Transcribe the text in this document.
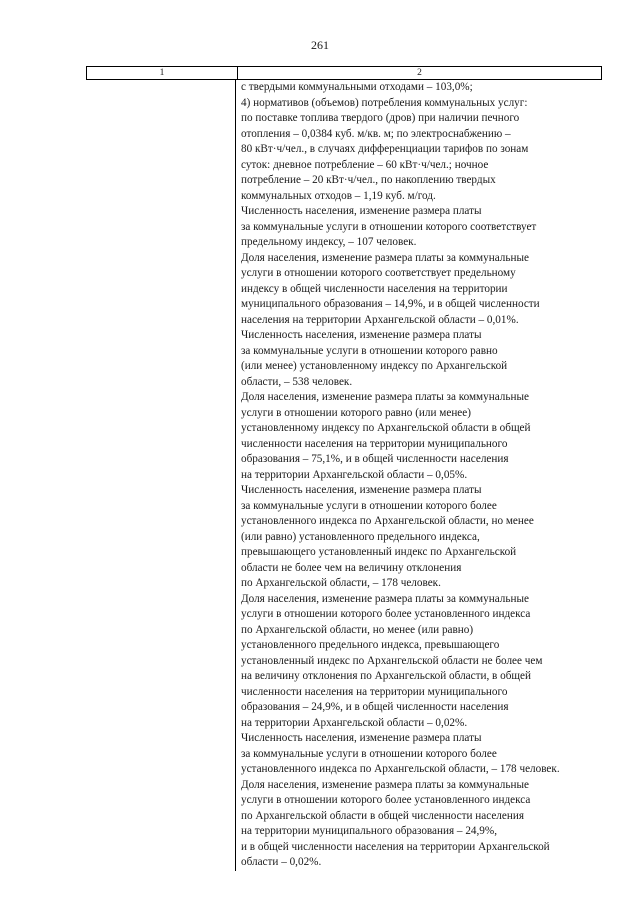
261
1	2
с твердыми коммунальными отходами – 103,0%;
4) нормативов (объемов) потребления коммунальных услуг:
по поставке топлива твердого (дров) при наличии печного
отопления – 0,0384 куб. м/кв. м; по электроснабжению –
80 кВт·ч/чел., в случаях дифференциации тарифов по зонам
суток: дневное потребление – 60 кВт·ч/чел.; ночное
потребление – 20 кВт·ч/чел., по накоплению твердых
коммунальных отходов – 1,19 куб. м/год.
Численность населения, изменение размера платы
за коммунальные услуги в отношении которого соответствует
предельному индексу, – 107 человек.
Доля населения, изменение размера платы за коммунальные
услуги в отношении которого соответствует предельному
индексу в общей численности населения на территории
муниципального образования – 14,9%, и в общей численности
населения на территории Архангельской области – 0,01%.
Численность населения, изменение размера платы
за коммунальные услуги в отношении которого равно
(или менее) установленному индексу по Архангельской
области, – 538 человек.
Доля населения, изменение размера платы за коммунальные
услуги в отношении которого равно (или менее)
установленному индексу по Архангельской области в общей
численности населения на территории муниципального
образования – 75,1%, и в общей численности населения
на территории Архангельской области – 0,05%.
Численность населения, изменение размера платы
за коммунальные услуги в отношении которого более
установленного индекса по Архангельской области, но менее
(или равно) установленного предельного индекса,
превышающего установленный индекс по Архангельской
области не более чем на величину отклонения
по Архангельской области, – 178 человек.
Доля населения, изменение размера платы за коммунальные
услуги в отношении которого более установленного индекса
по Архангельской области, но менее (или равно)
установленного предельного индекса, превышающего
установленный индекс по Архангельской области не более чем
на величину отклонения по Архангельской области, в общей
численности населения на территории муниципального
образования – 24,9%, и в общей численности населения
на территории Архангельской области – 0,02%.
Численность населения, изменение размера платы
за коммунальные услуги в отношении которого более
установленного индекса по Архангельской области, – 178 человек.
Доля населения, изменение размера платы за коммунальные
услуги в отношении которого более установленного индекса
по Архангельской области в общей численности населения
на территории муниципального образования – 24,9%,
и в общей численности населения на территории Архангельской
области – 0,02%.
